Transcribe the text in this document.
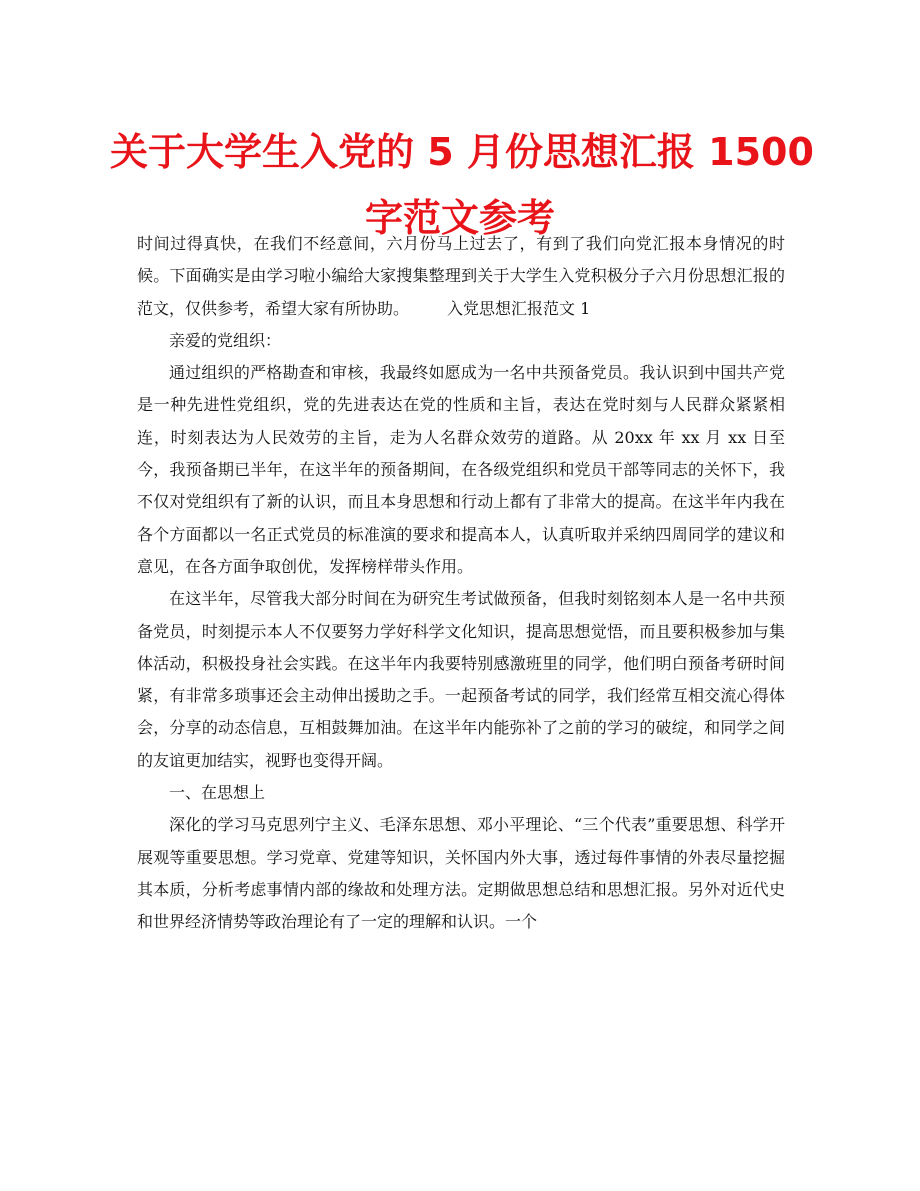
关于大学生入党的 5 月份思想汇报 1500
字范文参考

时间过得真快，在我们不经意间，六月份马上过去了，有到了我们向党汇报本身情况的时候。下面确实是由学习啦小编给大家搜集整理到关于大学生入党积极分子六月份思想汇报的范文，仅供参考，希望大家有所协助。 入党思想汇报范文 1

亲爱的党组织：

通过组织的严格勘查和审核，我最终如愿成为一名中共预备党员。我认识到中国共产党是一种先进性党组织，党的先进表达在党的性质和主旨，表达在党时刻与人民群众紧紧相连，时刻表达为人民效劳的主旨，走为人名群众效劳的道路。从 20xx 年 xx 月 xx 日至今，我预备期已半年，在这半年的预备期间，在各级党组织和党员干部等同志的关怀下，我不仅对党组织有了新的认识，而且本身思想和行动上都有了非常大的提高。在这半年内我在各个方面都以一名正式党员的标准演的要求和提高本人，认真听取并采纳四周同学的建议和意见，在各方面争取创优，发挥榜样带头作用。

在这半年，尽管我大部分时间在为研究生考试做预备，但我时刻铭刻本人是一名中共预备党员，时刻提示本人不仅要努力学好科学文化知识，提高思想觉悟，而且要积极参加与集体活动，积极投身社会实践。在这半年内我要特别感激班里的同学，他们明白预备考研时间紧，有非常多琐事还会主动伸出援助之手。一起预备考试的同学，我们经常互相交流心得体会，分享的动态信息，互相鼓舞加油。在这半年内能弥补了之前的学习的破绽，和同学之间的友谊更加结实，视野也变得开阔。

一、在思想上

深化的学习马克思列宁主义、毛泽东思想、邓小平理论、“三个代表”重要思想、科学开展观等重要思想。学习党章、党建等知识，关怀国内外大事，透过每件事情的外表尽量挖掘其本质，分析考虑事情内部的缘故和处理方法。定期做思想总结和思想汇报。另外对近代史和世界经济情势等政治理论有了一定的理解和认识。一个
